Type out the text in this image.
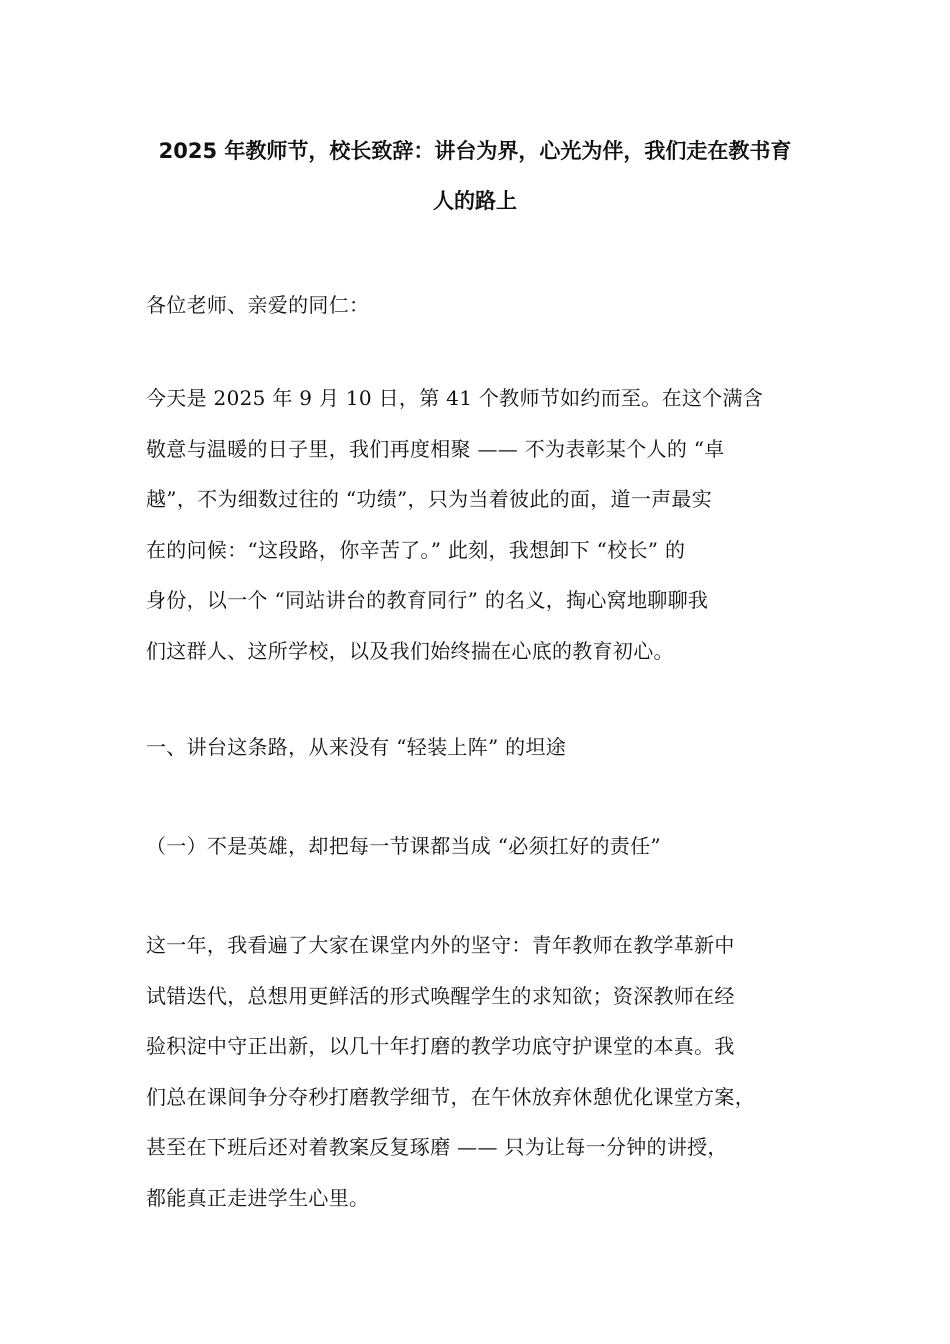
2025 年教师节，校长致辞：讲台为界，心光为伴，我们走在教书育
人的路上

各位老师、亲爱的同仁：

今天是 2025 年 9 月 10 日，第 41 个教师节如约而至。在这个满含
敬意与温暖的日子里，我们再度相聚 —— 不为表彰某个人的 “卓
越”，不为细数过往的 “功绩”，只为当着彼此的面，道一声最实
在的问候：“这段路，你辛苦了。” 此刻，我想卸下 “校长” 的
身份，以一个 “同站讲台的教育同行” 的名义，掏心窝地聊聊我
们这群人、这所学校，以及我们始终揣在心底的教育初心。

一、讲台这条路，从来没有 “轻装上阵” 的坦途

（一）不是英雄，却把每一节课都当成 “必须扛好的责任”

这一年，我看遍了大家在课堂内外的坚守：青年教师在教学革新中
试错迭代，总想用更鲜活的形式唤醒学生的求知欲；资深教师在经
验积淀中守正出新，以几十年打磨的教学功底守护课堂的本真。我
们总在课间争分夺秒打磨教学细节，在午休放弃休憩优化课堂方案，
甚至在下班后还对着教案反复琢磨 —— 只为让每一分钟的讲授，
都能真正走进学生心里。
